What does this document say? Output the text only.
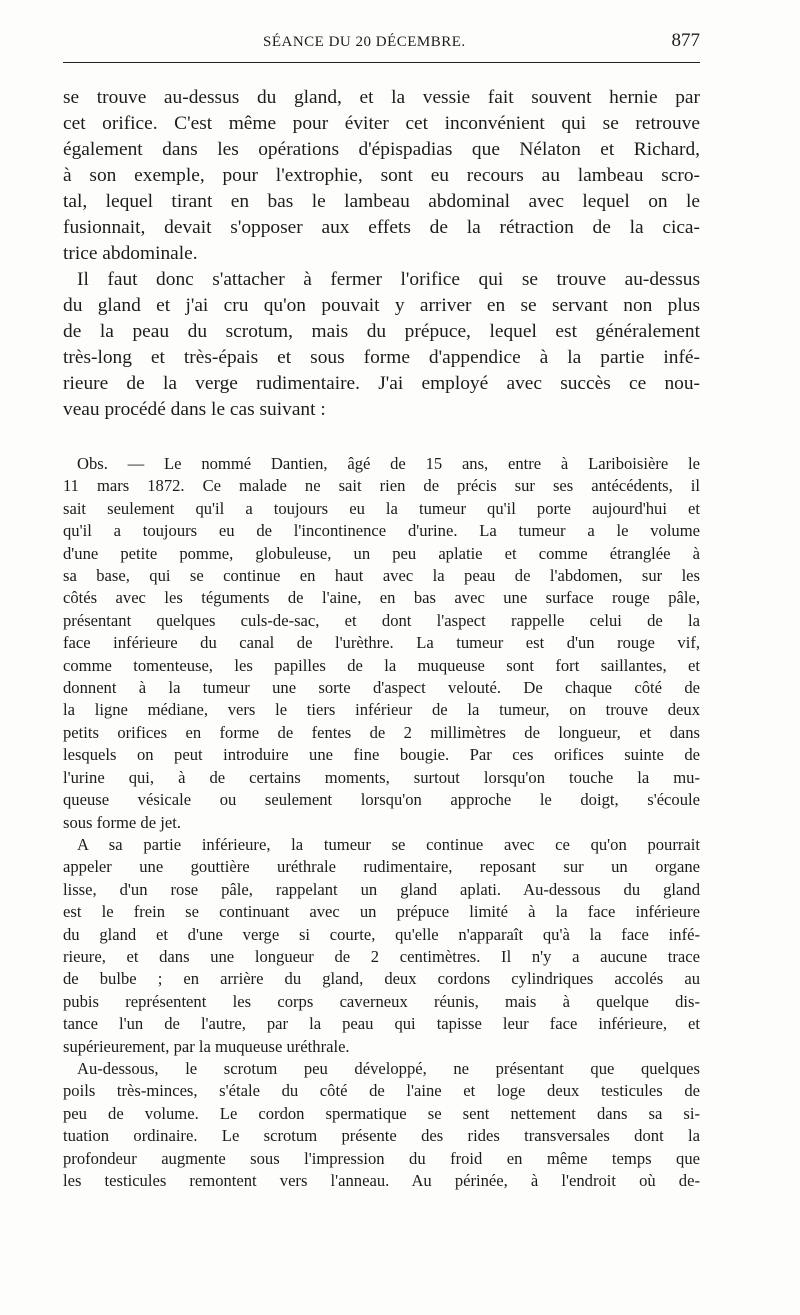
SÉANCE DU 20 DÉCEMBRE.	877

se trouve au-dessus du gland, et la vessie fait souvent hernie par
cet orifice. C'est même pour éviter cet inconvénient qui se retrouve
également dans les opérations d'épispadias que Nélaton et Richard,
à son exemple, pour l'extrophie, sont eu recours au lambeau scro-
tal, lequel tirant en bas le lambeau abdominal avec lequel on le
fusionnait, devait s'opposer aux effets de la rétraction de la cica-
trice abdominale.

Il faut donc s'attacher à fermer l'orifice qui se trouve au-dessus
du gland et j'ai cru qu'on pouvait y arriver en se servant non plus
de la peau du scrotum, mais du prépuce, lequel est généralement
très-long et très-épais et sous forme d'appendice à la partie infé-
rieure de la verge rudimentaire. J'ai employé avec succès ce nou-
veau procédé dans le cas suivant :

Obs. — Le nommé Dantien, âgé de 15 ans, entre à Lariboisière le
11 mars 1872. Ce malade ne sait rien de précis sur ses antécédents, il
sait seulement qu'il a toujours eu la tumeur qu'il porte aujourd'hui et
qu'il a toujours eu de l'incontinence d'urine. La tumeur a le volume
d'une petite pomme, globuleuse, un peu aplatie et comme étranglée à
sa base, qui se continue en haut avec la peau de l'abdomen, sur les
côtés avec les téguments de l'aine, en bas avec une surface rouge pâle,
présentant quelques culs-de-sac, et dont l'aspect rappelle celui de la
face inférieure du canal de l'urèthre. La tumeur est d'un rouge vif,
comme tomenteuse, les papilles de la muqueuse sont fort saillantes, et
donnent à la tumeur une sorte d'aspect velouté. De chaque côté de
la ligne médiane, vers le tiers inférieur de la tumeur, on trouve deux
petits orifices en forme de fentes de 2 millimètres de longueur, et dans
lesquels on peut introduire une fine bougie. Par ces orifices suinte de
l'urine qui, à de certains moments, surtout lorsqu'on touche la mu-
queuse vésicale ou seulement lorsqu'on approche le doigt, s'écoule
sous forme de jet.

A sa partie inférieure, la tumeur se continue avec ce qu'on pourrait
appeler une gouttière uréthrale rudimentaire, reposant sur un organe
lisse, d'un rose pâle, rappelant un gland aplati. Au-dessous du gland
est le frein se continuant avec un prépuce limité à la face inférieure
du gland et d'une verge si courte, qu'elle n'apparaît qu'à la face infé-
rieure, et dans une longueur de 2 centimètres. Il n'y a aucune trace
de bulbe ; en arrière du gland, deux cordons cylindriques accolés au
pubis représentent les corps caverneux réunis, mais à quelque dis-
tance l'un de l'autre, par la peau qui tapisse leur face inférieure, et
supérieurement, par la muqueuse uréthrale.

Au-dessous, le scrotum peu développé, ne présentant que quelques
poils très-minces, s'étale du côté de l'aine et loge deux testicules de
peu de volume. Le cordon spermatique se sent nettement dans sa si-
tuation ordinaire. Le scrotum présente des rides transversales dont la
profondeur augmente sous l'impression du froid en même temps que
les testicules remontent vers l'anneau. Au périnée, à l'endroit où de-
